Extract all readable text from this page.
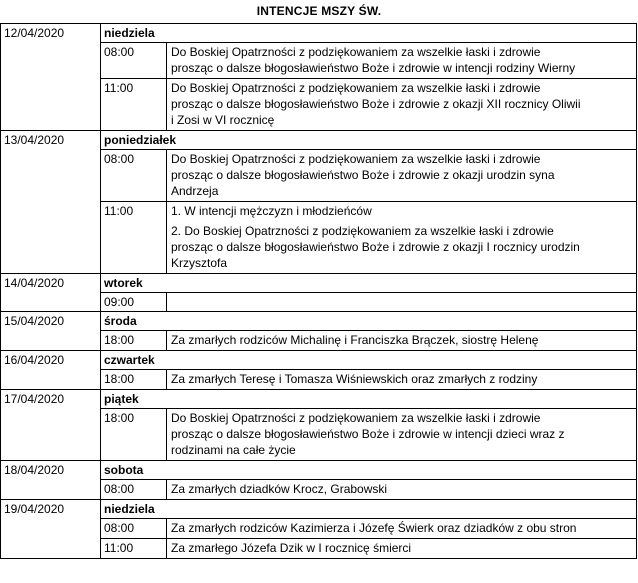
INTENCJE MSZY ŚW.
12/04/2020	niedziela
08:00	Do Boskiej Opatrzności z podziękowaniem za wszelkie łaski i zdrowie
prosząc o dalsze błogosławieństwo Boże i zdrowie w intencji rodziny Wierny
11:00	Do Boskiej Opatrzności z podziękowaniem za wszelkie łaski i zdrowie
prosząc o dalsze błogosławieństwo Boże i zdrowie z okazji XII rocznicy Oliwii
i Zosi w VI rocznicę
13/04/2020	poniedziałek
08:00	Do Boskiej Opatrzności z podziękowaniem za wszelkie łaski i zdrowie
prosząc o dalsze błogosławieństwo Boże i zdrowie z okazji urodzin syna
Andrzeja
11:00	1. W intencji mężczyzn i młodzieńców
2. Do Boskiej Opatrzności z podziękowaniem za wszelkie łaski i zdrowie
prosząc o dalsze błogosławieństwo Boże i zdrowie z okazji I rocznicy urodzin
Krzysztofa
14/04/2020	wtorek
09:00
15/04/2020	środa
18:00	Za zmarłych rodziców Michalinę i Franciszka Brączek, siostrę Helenę
16/04/2020	czwartek
18:00	Za zmarłych Teresę i Tomasza Wiśniewskich oraz zmarłych z rodziny
17/04/2020	piątek
18:00	Do Boskiej Opatrzności z podziękowaniem za wszelkie łaski i zdrowie
prosząc o dalsze błogosławieństwo Boże i zdrowie w intencji dzieci wraz z
rodzinami na całe życie
18/04/2020	sobota
08:00	Za zmarłych dziadków Krocz, Grabowski
19/04/2020	niedziela
08:00	Za zmarłych rodziców Kazimierza i Józefę Świerk oraz dziadków z obu stron
11:00	Za zmarłego Józefa Dzik w I rocznicę śmierci
